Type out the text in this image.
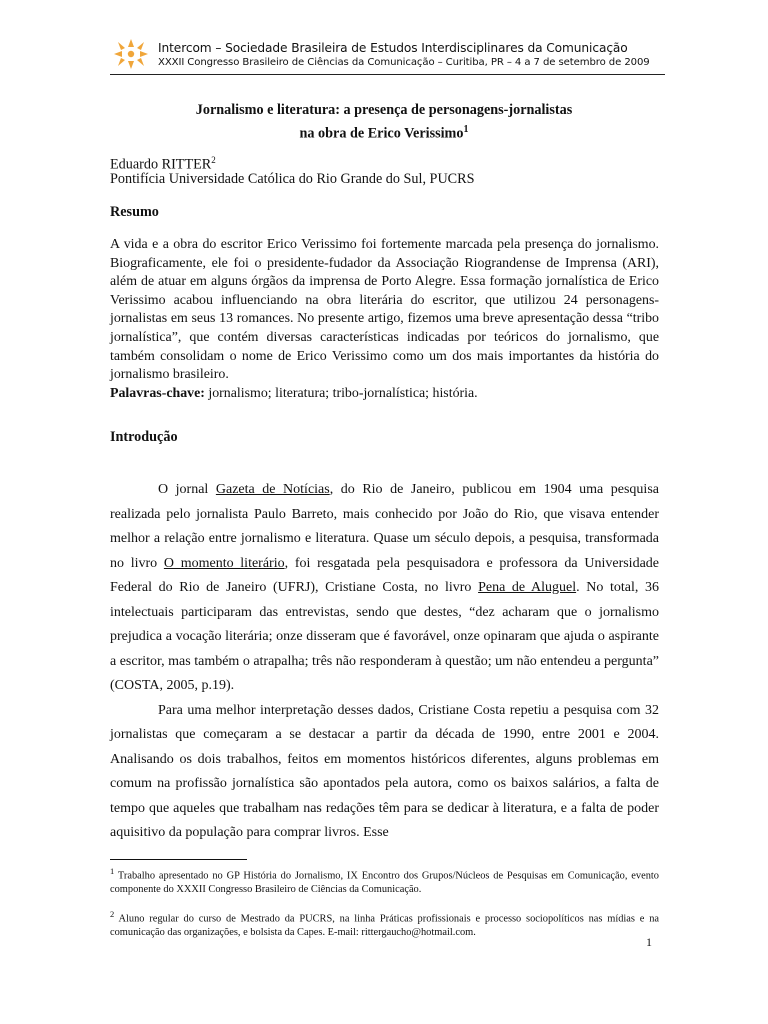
Intercom – Sociedade Brasileira de Estudos Interdisciplinares da Comunicação
XXXII Congresso Brasileiro de Ciências da Comunicação – Curitiba, PR – 4 a 7 de setembro de 2009
Jornalismo e literatura: a presença de personagens-jornalistas
na obra de Erico Verissimo$^1$
Eduardo RITTER$^2$
Pontifícia Universidade Católica do Rio Grande do Sul, PUCRS
Resumo
A vida e a obra do escritor Erico Verissimo foi fortemente marcada pela presença do jornalismo. Biograficamente, ele foi o presidente-fudador da Associação Riograndense de Imprensa (ARI), além de atuar em alguns órgãos da imprensa de Porto Alegre. Essa formação jornalística de Erico Verissimo acabou influenciando na obra literária do escritor, que utilizou 24 personagens-jornalistas em seus 13 romances. No presente artigo, fizemos uma breve apresentação dessa “tribo jornalística”, que contém diversas características indicadas por teóricos do jornalismo, que também consolidam o nome de Erico Verissimo como um dos mais importantes da história do jornalismo brasileiro.
Palavras-chave: jornalismo; literatura; tribo-jornalística; história.
Introdução

O jornal Gazeta de Notícias, do Rio de Janeiro, publicou em 1904 uma pesquisa realizada pelo jornalista Paulo Barreto, mais conhecido por João do Rio, que visava entender melhor a relação entre jornalismo e literatura. Quase um século depois, a pesquisa, transformada no livro O momento literário, foi resgatada pela pesquisadora e professora da Universidade Federal do Rio de Janeiro (UFRJ), Cristiane Costa, no livro Pena de Aluguel. No total, 36 intelectuais participaram das entrevistas, sendo que destes, “dez acharam que o jornalismo prejudica a vocação literária; onze disseram que é favorável, onze opinaram que ajuda o aspirante a escritor, mas também o atrapalha; três não responderam à questão; um não entendeu a pergunta” (COSTA, 2005, p.19).

Para uma melhor interpretação desses dados, Cristiane Costa repetiu a pesquisa com 32 jornalistas que começaram a se destacar a partir da década de 1990, entre 2001 e 2004. Analisando os dois trabalhos, feitos em momentos históricos diferentes, alguns problemas em comum na profissão jornalística são apontados pela autora, como os baixos salários, a falta de tempo que aqueles que trabalham nas redações têm para se dedicar à literatura, e a falta de poder aquisitivo da população para comprar livros. Esse

$^1$ Trabalho apresentado no GP História do Jornalismo, IX Encontro dos Grupos/Núcleos de Pesquisas em Comunicação, evento componente do XXXII Congresso Brasileiro de Ciências da Comunicação.
$^2$ Aluno regular do curso de Mestrado da PUCRS, na linha Práticas profissionais e processo sociopolíticos nas mídias e na comunicação das organizações, e bolsista da Capes. E-mail: rittergaucho@hotmail.com.
1
